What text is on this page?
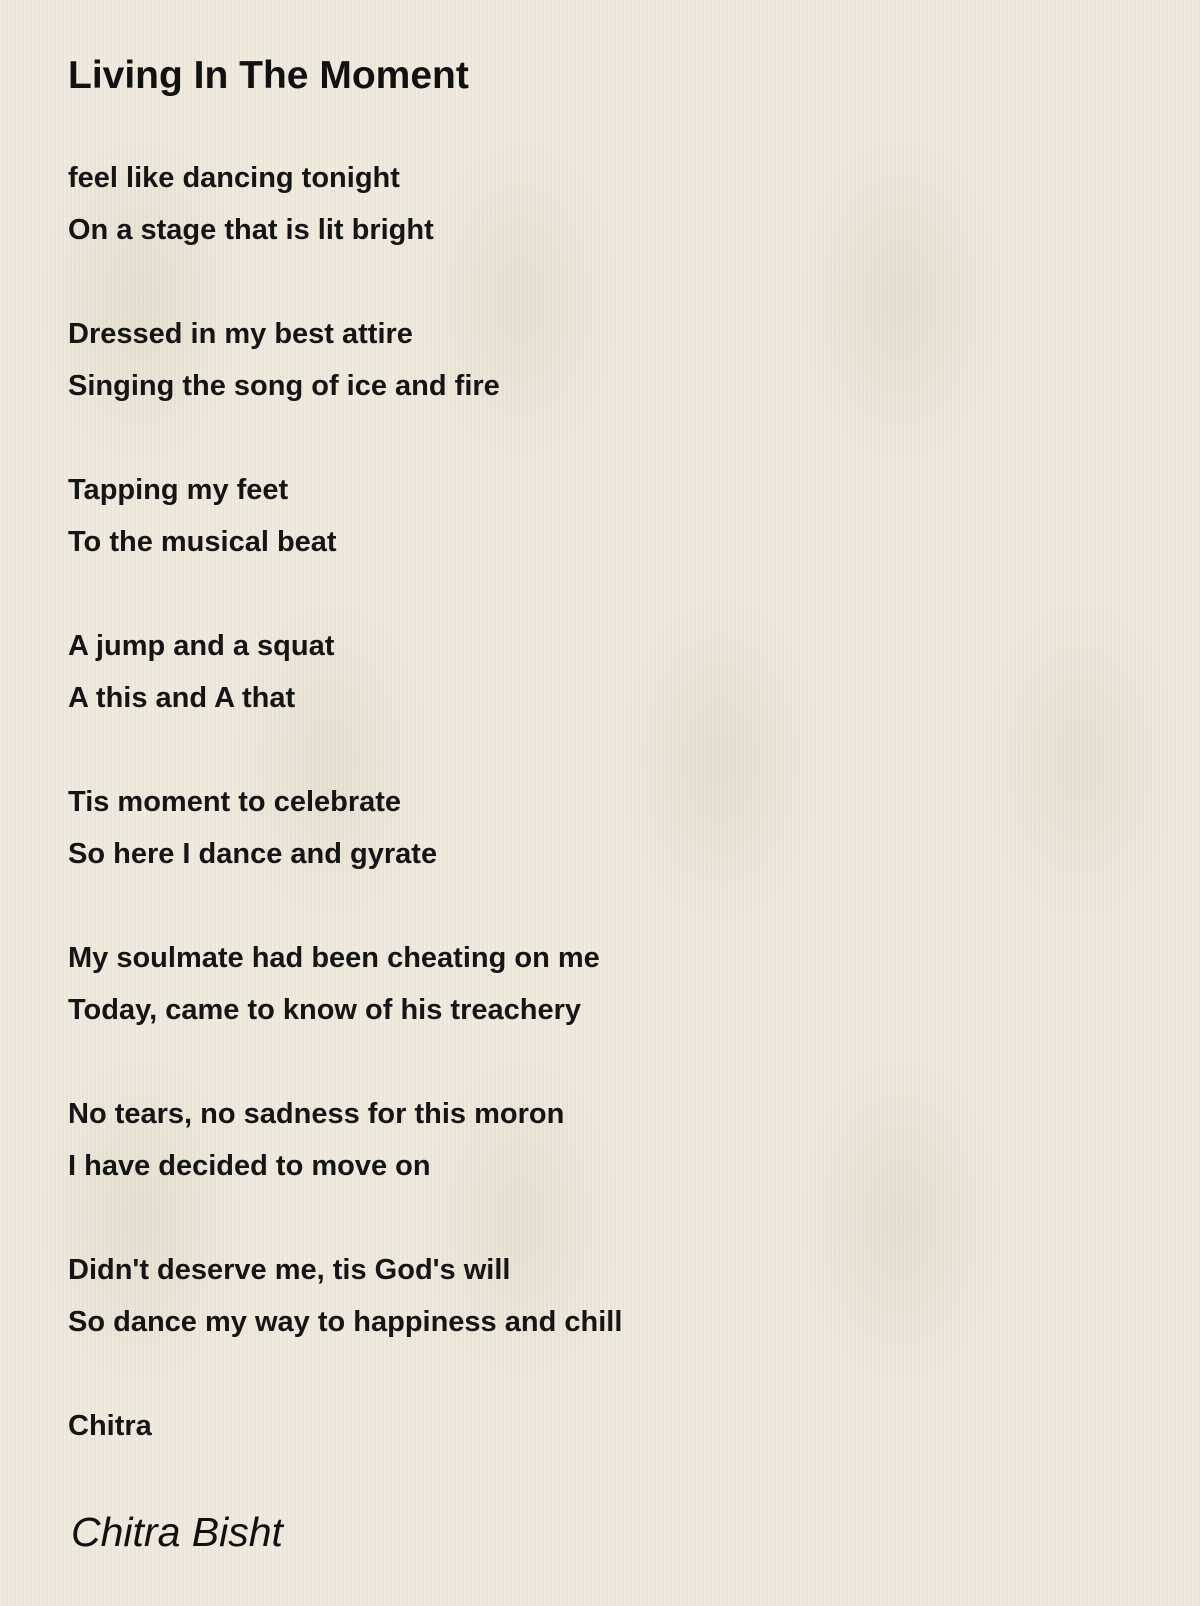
Living In The Moment
feel like dancing tonight
On a stage that is lit bright
Dressed in my best attire
Singing the song of ice and fire
Tapping my feet
To the musical beat
A jump and a squat
A this and A that
Tis moment to celebrate
So here I dance and gyrate
My soulmate had been cheating on me
Today, came to know of his treachery
No tears, no sadness for this moron
I have decided to move on
Didn't deserve me, tis God's will
So dance my way to happiness and chill
Chitra
Chitra Bisht
